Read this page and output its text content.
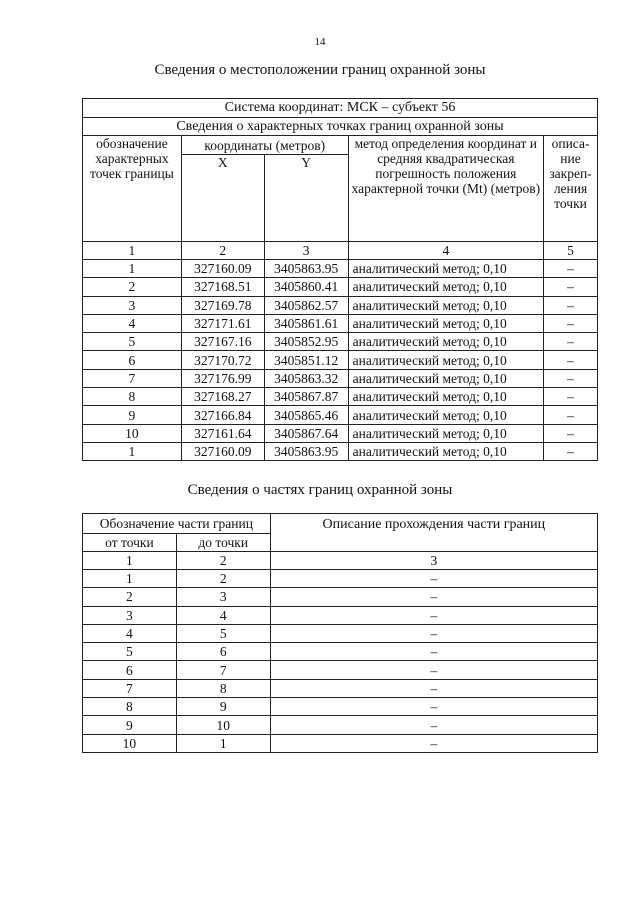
14
Сведения о местоположении границ охранной зоны
Система координат: МСК – субъект 56				
Сведения о характерных точках границ охранной зоны				
обозначение характерных точек границы	координаты (метров)		метод определения координат и средняя квадратическая погрешность положения характерной точки (Mt) (метров)	описа-ние закреп-ления точки
	X	Y		
1	2	3	4	5
1	327160.09	3405863.95	аналитический метод; 0,10	–
2	327168.51	3405860.41	аналитический метод; 0,10	–
3	327169.78	3405862.57	аналитический метод; 0,10	–
4	327171.61	3405861.61	аналитический метод; 0,10	–
5	327167.16	3405852.95	аналитический метод; 0,10	–
6	327170.72	3405851.12	аналитический метод; 0,10	–
7	327176.99	3405863.32	аналитический метод; 0,10	–
8	327168.27	3405867.87	аналитический метод; 0,10	–
9	327166.84	3405865.46	аналитический метод; 0,10	–
10	327161.64	3405867.64	аналитический метод; 0,10	–
1	327160.09	3405863.95	аналитический метод; 0,10	–
Сведения о частях границ охранной зоны
Обозначение части границ		Описание прохождения части границ
от точки	до точки	
1	2	3
1	2	–
2	3	–
3	4	–
4	5	–
5	6	–
6	7	–
7	8	–
8	9	–
9	10	–
10	1	–
